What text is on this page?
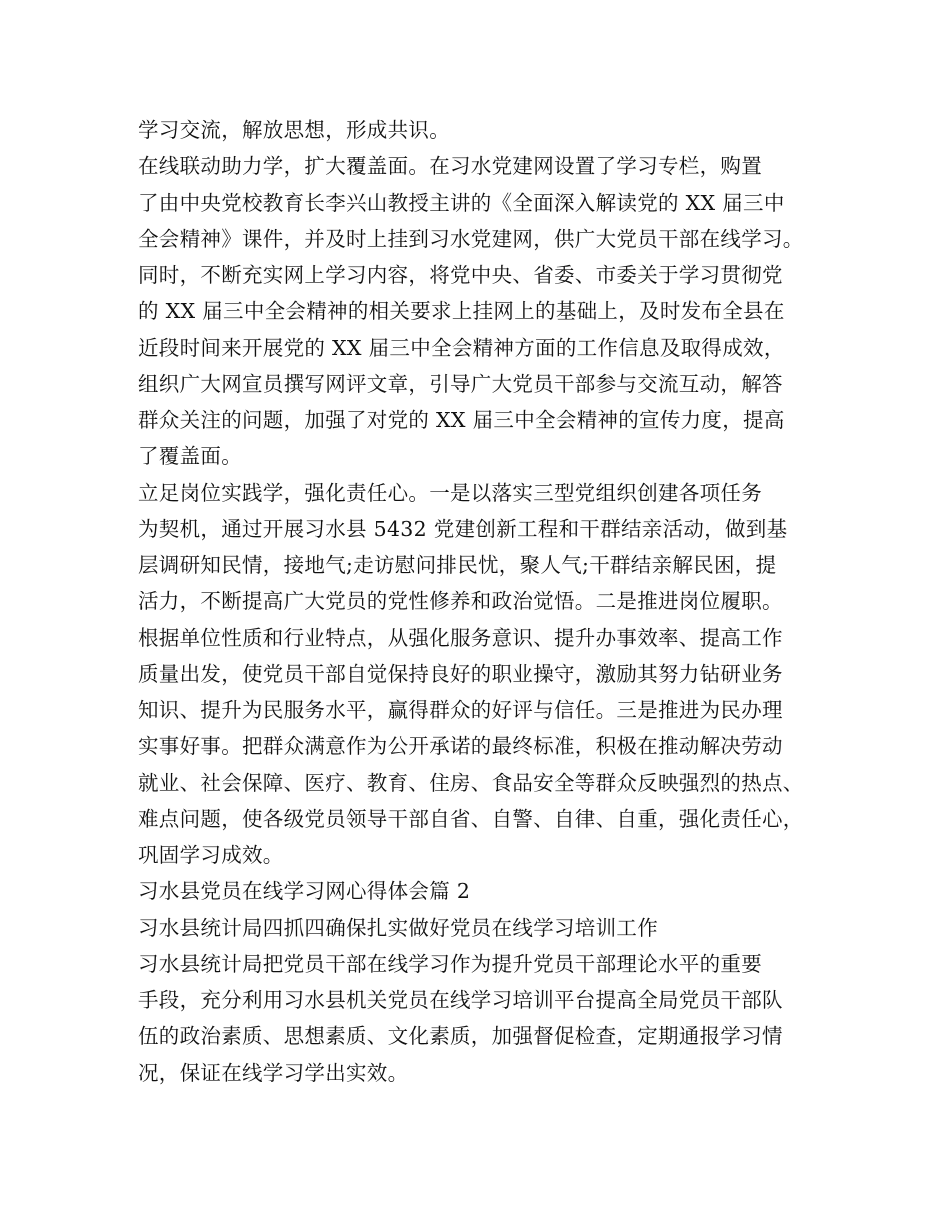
学习交流，解放思想，形成共识。
在线联动助力学，扩大覆盖面。在习水党建网设置了学习专栏，购置
了由中央党校教育长李兴山教授主讲的《全面深入解读党的 XX 届三中
全会精神》课件，并及时上挂到习水党建网，供广大党员干部在线学习。
同时，不断充实网上学习内容，将党中央、省委、市委关于学习贯彻党
的 XX 届三中全会精神的相关要求上挂网上的基础上，及时发布全县在
近段时间来开展党的 XX 届三中全会精神方面的工作信息及取得成效，
组织广大网宣员撰写网评文章，引导广大党员干部参与交流互动，解答
群众关注的问题，加强了对党的 XX 届三中全会精神的宣传力度，提高
了覆盖面。
立足岗位实践学，强化责任心。一是以落实三型党组织创建各项任务
为契机，通过开展习水县 5432 党建创新工程和干群结亲活动，做到基
层调研知民情，接地气;走访慰问排民忧，聚人气;干群结亲解民困，提
活力，不断提高广大党员的党性修养和政治觉悟。二是推进岗位履职。
根据单位性质和行业特点，从强化服务意识、提升办事效率、提高工作
质量出发，使党员干部自觉保持良好的职业操守，激励其努力钻研业务
知识、提升为民服务水平，赢得群众的好评与信任。三是推进为民办理
实事好事。把群众满意作为公开承诺的最终标准，积极在推动解决劳动
就业、社会保障、医疗、教育、住房、食品安全等群众反映强烈的热点、
难点问题，使各级党员领导干部自省、自警、自律、自重，强化责任心，
巩固学习成效。
习水县党员在线学习网心得体会篇 2
习水县统计局四抓四确保扎实做好党员在线学习培训工作
习水县统计局把党员干部在线学习作为提升党员干部理论水平的重要
手段，充分利用习水县机关党员在线学习培训平台提高全局党员干部队
伍的政治素质、思想素质、文化素质，加强督促检查，定期通报学习情
况，保证在线学习学出实效。
